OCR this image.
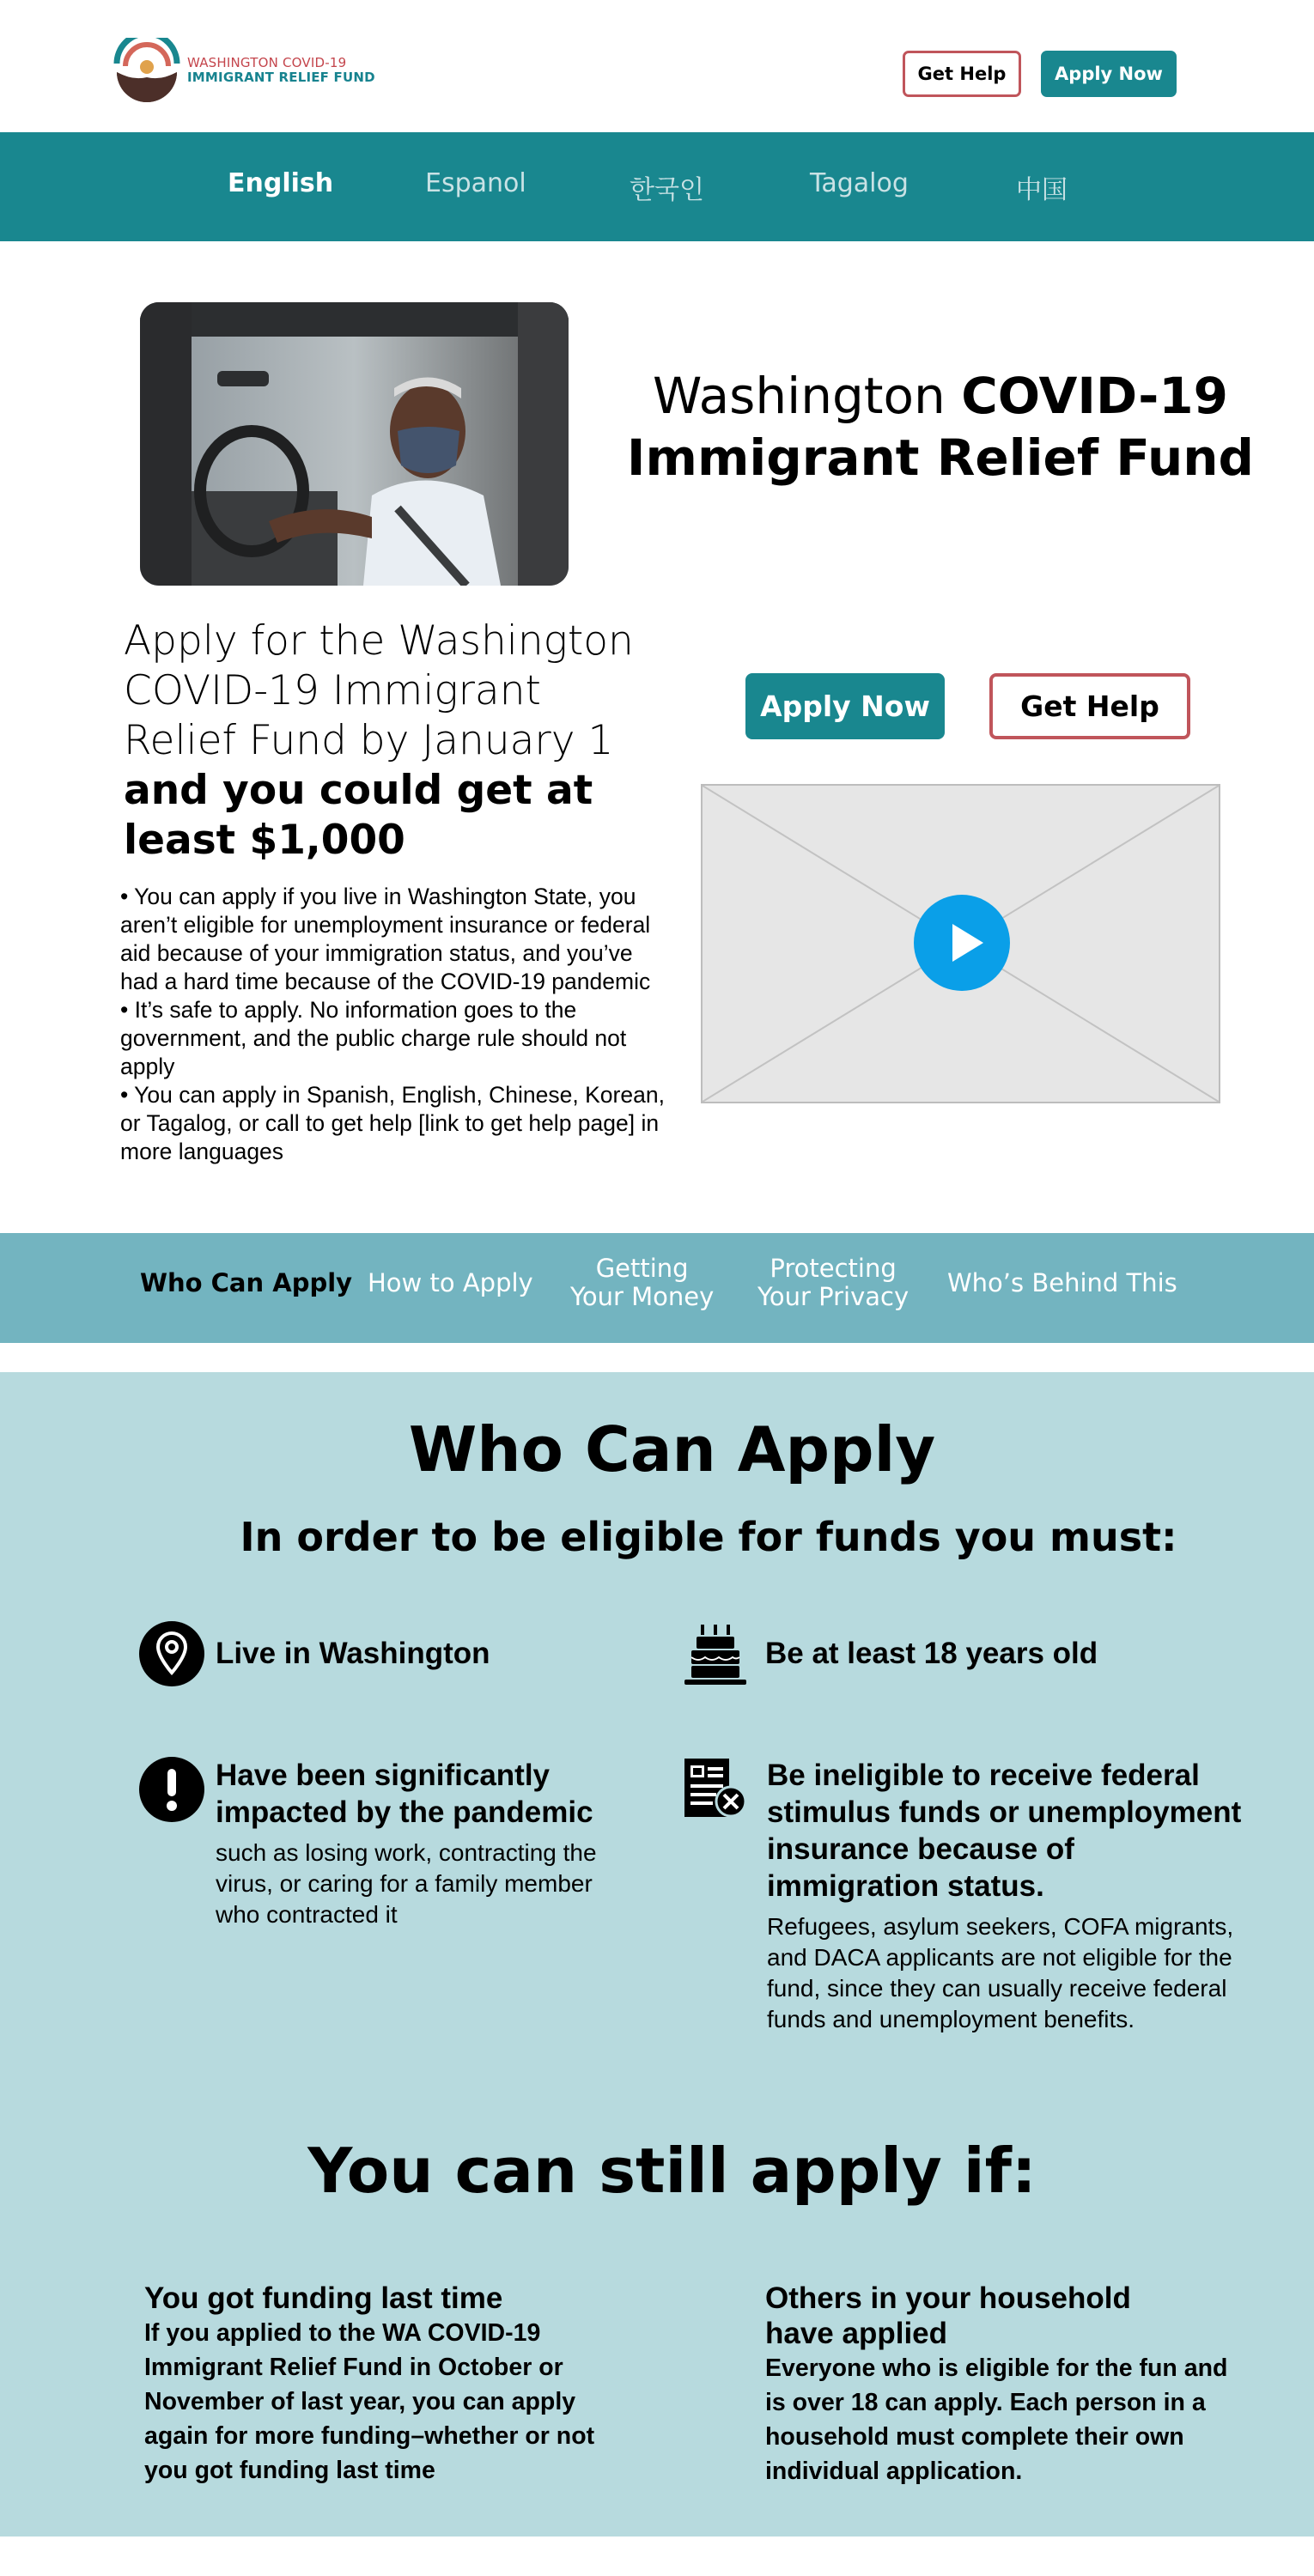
WASHINGTON COVID-19
IMMIGRANT RELIEF FUND	Get Help	Apply Now
English	Espanol	한국인	Tagalog	中国
Washington COVID-19
Immigrant Relief Fund
Apply for the Washington
COVID-19 Immigrant
Relief Fund by January 1
and you could get at
least $1,000

• You can apply if you live in Washington State, you aren’t eligible for unemployment insurance or federal aid because of your immigration status, and you’ve had a hard time because of the COVID-19 pandemic

• It’s safe to apply. No information goes to the government, and the public charge rule should not apply

• You can apply in Spanish, English, Chinese, Korean, or Tagalog, or call to get help [link to get help page] in more languages

Apply Now	Get Help
Who Can Apply How to Apply	Getting
Your Money
Protecting
Your Privacy Who’s Behind This
Who Can Apply
In order to be eligible for funds you must:
Live in Washington	Be at least 18 years old
Have been significantly impacted by the pandemic
such as losing work, contracting the virus, or caring for a family member who contracted it
Be ineligible to receive federal stimulus funds or unemployment insurance because of immigration status.
Refugees, asylum seekers, COFA migrants, and DACA applicants are not eligible for the fund, since they can usually receive federal funds and unemployment benefits.
You can still apply if:
You got funding last time
If you applied to the WA COVID-19 Immigrant Relief Fund in October or November of last year, you can apply again for more funding–whether or not you got funding last time
Others in your household have applied
Everyone who is eligible for the fun and is over 18 can apply. Each person in a household must complete their own individual application.
